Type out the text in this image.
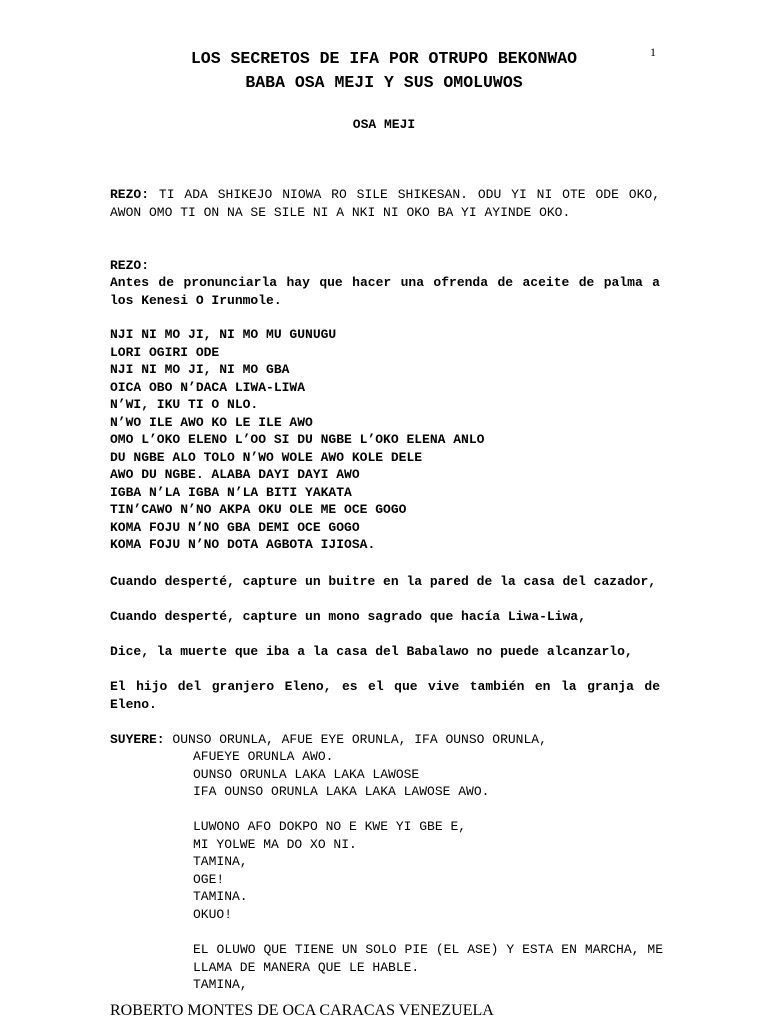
LOS SECRETOS DE IFA POR OTRUPO BEKONWAO
BABA OSA MEJI Y SUS OMOLUWOS
1
OSA MEJI
REZO: TI ADA SHIKEJO NIOWA RO SILE SHIKESAN. ODU YI NI OTE ODE OKO, AWON OMO TI ON NA SE SILE NI A NKI NI OKO BA YI AYINDE OKO.
REZO:
Antes de pronunciarla hay que hacer una ofrenda de aceite de palma a los Kenesi O Irunmole.
NJI NI MO JI, NI MO MU GUNUGU
LORI OGIRI ODE
NJI NI MO JI, NI MO GBA
OICA OBO N’DACA LIWA-LIWA
N’WI, IKU TI O NLO.
N’WO ILE AWO KO LE ILE AWO
OMO L’OKO ELENO L’OO SI DU NGBE L’OKO ELENA ANLO
DU NGBE ALO TOLO N’WO WOLE AWO KOLE DELE
AWO DU NGBE. ALABA DAYI DAYI AWO
IGBA N’LA IGBA N’LA BITI YAKATA
TIN’CAWO N’NO AKPA OKU OLE ME OCE GOGO
KOMA FOJU N’NO GBA DEMI OCE GOGO
KOMA FOJU N’NO DOTA AGBOTA IJIOSA.
Cuando desperté, capture un buitre en la pared de la casa del cazador,
Cuando desperté, capture un mono sagrado que hacía Liwa-Liwa,
Dice, la muerte que iba a la casa del Babalawo no puede alcanzarlo,
El hijo del granjero Eleno, es el que vive también en la granja de Eleno.
SUYERE: OUNSO ORUNLA, AFUE EYE ORUNLA, IFA OUNSO ORUNLA,
AFUEYE ORUNLA AWO.
OUNSO ORUNLA LAKA LAKA LAWOSE
IFA OUNSO ORUNLA LAKA LAKA LAWOSE AWO.
LUWONO AFO DOKPO NO E KWE YI GBE E,
MI YOLWE MA DO XO NI.
TAMINA,
OGE!
TAMINA.
OKUO!
EL OLUWO QUE TIENE UN SOLO PIE (EL ASE) Y ESTA EN MARCHA, ME LLAMA DE MANERA QUE LE HABLE.
TAMINA,
ROBERTO MONTES DE OCA CARACAS VENEZUELA
